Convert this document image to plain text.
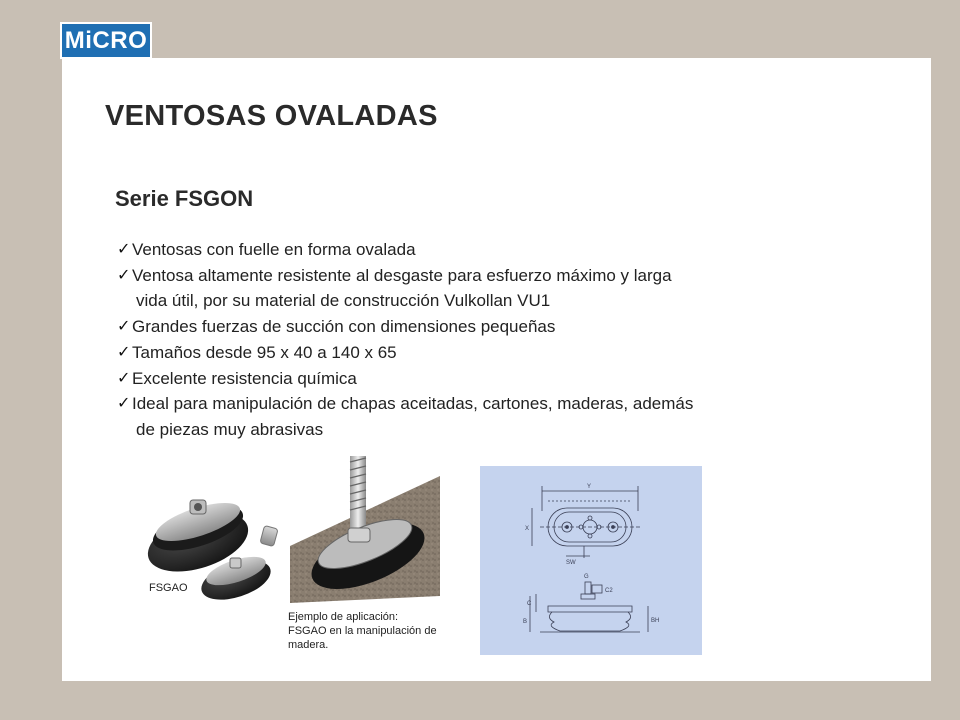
MiCRO
VENTOSAS OVALADAS
Serie FSGON
✓ Ventosas con fuelle en forma ovalada
✓ Ventosa altamente resistente al desgaste para esfuerzo máximo y larga
vida útil, por su material de construcción Vulkollan VU1
✓ Grandes fuerzas de succión con dimensiones pequeñas
✓ Tamaños desde 95 x 40 a 140 x 65
✓ Excelente resistencia química
✓ Ideal para manipulación de chapas aceitadas, cartones, maderas, además
de piezas muy abrasivas
FSGAO
Ejemplo de aplicación:
FSGAO en la manipulación de
madera.
Y
X
SW
G
C2
B
C
BH
